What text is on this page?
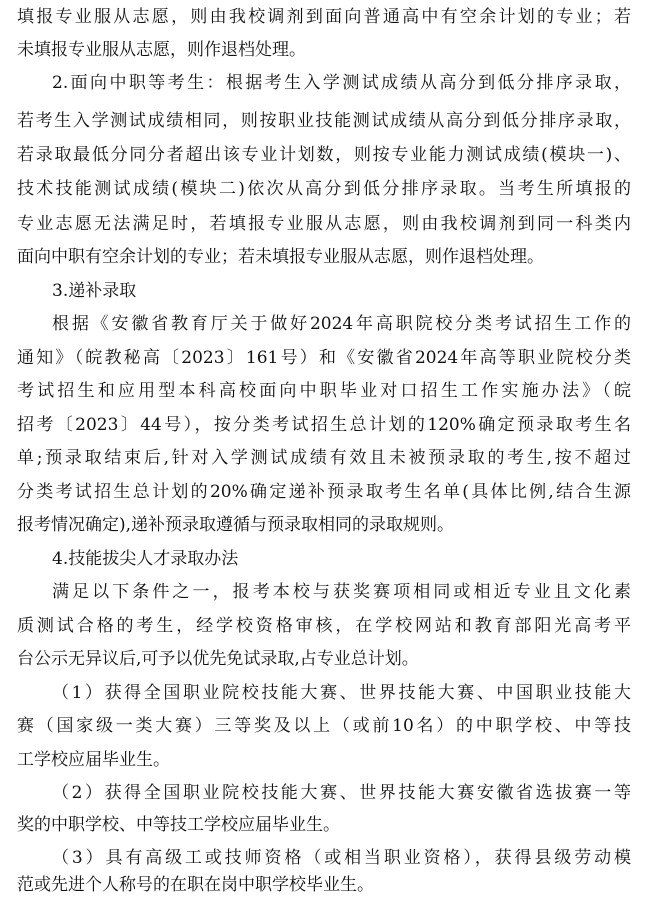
填报专业服从志愿，则由我校调剂到面向普通高中有空余计划的专业；若
未填报专业服从志愿，则作退档处理。
2.面向中职等考生：根据考生入学测试成绩从高分到低分排序录取，
若考生入学测试成绩相同，则按职业技能测试成绩从高分到低分排序录取，
若录取最低分同分者超出该专业计划数，则按专业能力测试成绩(模块一)、
技术技能测试成绩(模块二)依次从高分到低分排序录取。当考生所填报的
专业志愿无法满足时，若填报专业服从志愿，则由我校调剂到同一科类内
面向中职有空余计划的专业；若未填报专业服从志愿，则作退档处理。
3.递补录取
根据《安徽省教育厅关于做好2024年高职院校分类考试招生工作的
通知》（皖教秘高〔2023〕161号）和《安徽省2024年高等职业院校分类
考试招生和应用型本科高校面向中职毕业对口招生工作实施办法》（皖
招考〔2023〕44号），按分类考试招生总计划的120%确定预录取考生名
单;预录取结束后,针对入学测试成绩有效且未被预录取的考生,按不超过
分类考试招生总计划的20%确定递补预录取考生名单(具体比例,结合生源
报考情况确定),递补预录取遵循与预录取相同的录取规则。
4.技能拔尖人才录取办法
满足以下条件之一，报考本校与获奖赛项相同或相近专业且文化素
质测试合格的考生，经学校资格审核，在学校网站和教育部阳光高考平
台公示无异议后,可予以优先免试录取,占专业总计划。
（1）获得全国职业院校技能大赛、世界技能大赛、中国职业技能大
赛（国家级一类大赛）三等奖及以上（或前10名）的中职学校、中等技
工学校应届毕业生。
（2）获得全国职业院校技能大赛、世界技能大赛安徽省选拔赛一等
奖的中职学校、中等技工学校应届毕业生。
（3）具有高级工或技师资格（或相当职业资格），获得县级劳动模
范或先进个人称号的在职在岗中职学校毕业生。
